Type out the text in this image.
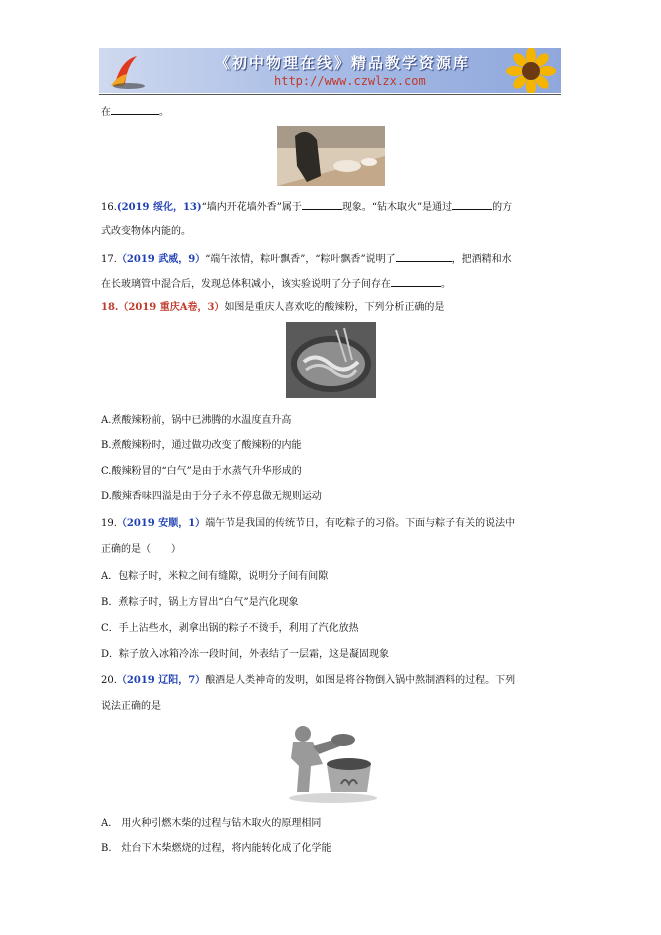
《初中物理在线》精品教学资源库
http://www.czwlzx.com
在	。
16.(2019 绥化，13)“墙内开花墙外香”属于	现象。“钻木取火”是通过	的方
式改变物体内能的。
17.（2019 武威，9）“端午浓情，粽叶飘香”，“粽叶飘香”说明了	，把酒精和水
在长玻璃管中混合后，发现总体积减小，该实验说明了分子间存在	。
18.（2019 重庆A卷，3）如图是重庆人喜欢吃的酸辣粉，下列分析正确的是
A.煮酸辣粉前，锅中已沸腾的水温度直升高
B.煮酸辣粉时，通过做功改变了酸辣粉的内能
C.酸辣粉冒的“白气”是由于水蒸气升华形成的
D.酸辣香味四溢是由于分子永不停息做无规则运动
19.（2019 安顺，1）端午节是我国的传统节日，有吃粽子的习俗。下面与粽子有关的说法中
正确的是（　　）
A．包粽子时，米粒之间有缝隙，说明分子间有间隙
B．煮粽子时，锅上方冒出“白气”是汽化现象
C．手上沾些水，剥拿出锅的粽子不烫手，利用了汽化放热
D．粽子放入冰箱冷冻一段时间，外表结了一层霜，这是凝固现象
20.（2019 辽阳，7）酿酒是人类神奇的发明，如图是将谷物倒入锅中熬制酒料的过程。下列
说法正确的是
A.　用火种引燃木柴的过程与钻木取火的原理相同
B.　灶台下木柴燃烧的过程，将内能转化成了化学能
